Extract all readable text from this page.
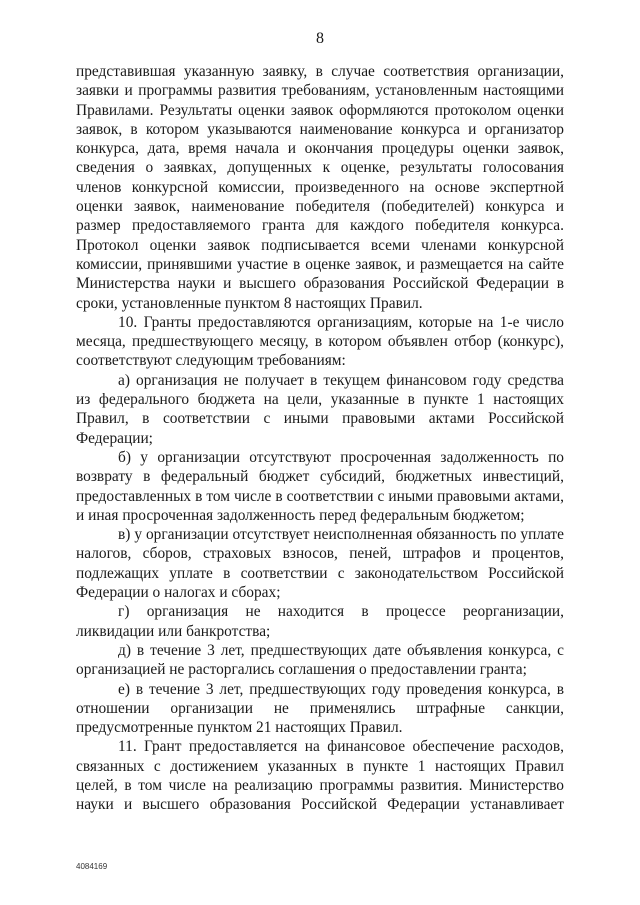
8

представившая указанную заявку, в случае соответствия организации, заявки и программы развития требованиям, установленным настоящими Правилами. Результаты оценки заявок оформляются протоколом оценки заявок, в котором указываются наименование конкурса и организатор конкурса, дата, время начала и окончания процедуры оценки заявок, сведения о заявках, допущенных к оценке, результаты голосования членов конкурсной комиссии, произведенного на основе экспертной оценки заявок, наименование победителя (победителей) конкурса и размер предоставляемого гранта для каждого победителя конкурса. Протокол оценки заявок подписывается всеми членами конкурсной комиссии, принявшими участие в оценке заявок, и размещается на сайте Министерства науки и высшего образования Российской Федерации в сроки, установленные пунктом 8 настоящих Правил.

10. Гранты предоставляются организациям, которые на 1-е число месяца, предшествующего месяцу, в котором объявлен отбор (конкурс), соответствуют следующим требованиям:

а) организация не получает в текущем финансовом году средства из федерального бюджета на цели, указанные в пункте 1 настоящих Правил, в соответствии с иными правовыми актами Российской Федерации;

б) у организации отсутствуют просроченная задолженность по возврату в федеральный бюджет субсидий, бюджетных инвестиций, предоставленных в том числе в соответствии с иными правовыми актами, и иная просроченная задолженность перед федеральным бюджетом;

в) у организации отсутствует неисполненная обязанность по уплате налогов, сборов, страховых взносов, пеней, штрафов и процентов, подлежащих уплате в соответствии с законодательством Российской Федерации о налогах и сборах;

г) организация не находится в процессе реорганизации, ликвидации или банкротства;

д) в течение 3 лет, предшествующих дате объявления конкурса, с организацией не расторгались соглашения о предоставлении гранта;

е) в течение 3 лет, предшествующих году проведения конкурса, в отношении организации не применялись штрафные санкции, предусмотренные пунктом 21 настоящих Правил.

11. Грант предоставляется на финансовое обеспечение расходов, связанных с достижением указанных в пункте 1 настоящих Правил целей, в том числе на реализацию программы развития. Министерство науки и высшего образования Российской Федерации устанавливает

4084169
